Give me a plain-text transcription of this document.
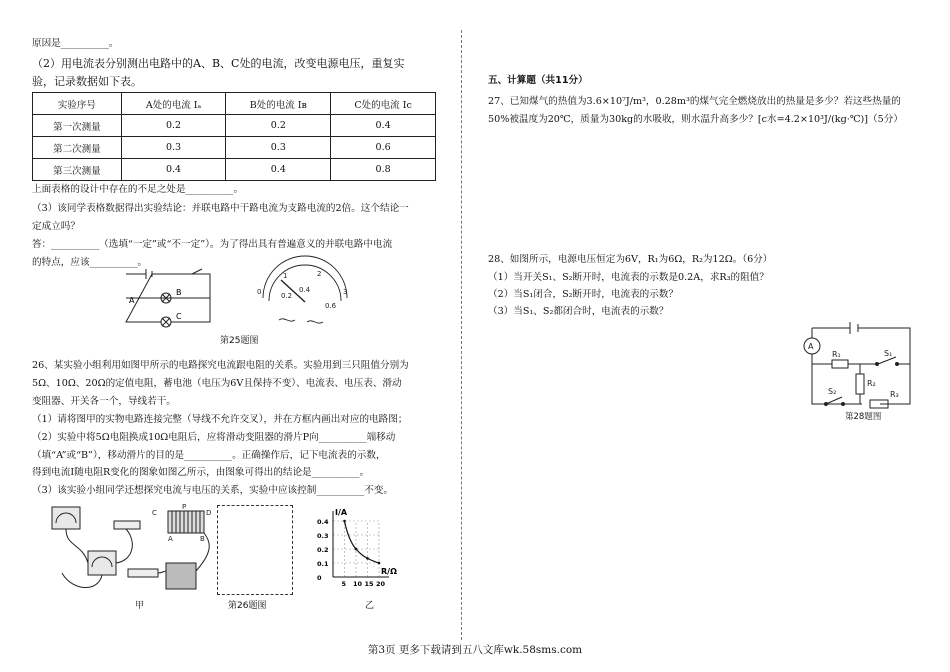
原因是__________。
（2）用电流表分别测出电路中的A、B、C处的电流，改变电源电压，重复实
验，记录数据如下表。
实验序号	A处的电流 Iₐ	B处的电流 Iʙ	C处的电流 Ic
第一次测量	0.2	0.2	0.4
第二次测量	0.3	0.3	0.6
第三次测量	0.4	0.4	0.8
上面表格的设计中存在的不足之处是__________。
（3）该同学表格数据得出实验结论：并联电路中干路电流为支路电流的2倍。这个结论一
定成立吗？
答：__________（选填“一定”或“不一定”）。为了得出具有普遍意义的并联电路中电流
的特点，应该__________。
A
B
C
0
1	2
3
0.2
0.4
0.6
第25题图
26、某实验小组利用如图甲所示的电路探究电流跟电阻的关系。实验用到三只阻值分别为
5Ω、10Ω、20Ω的定值电阻，蓄电池（电压为6V且保持不变）、电流表、电压表、滑动
变阻器、开关各一个，导线若干。
（1）请将图甲的实物电路连接完整（导线不允许交叉），并在方框内画出对应的电路图；
（2）实验中将5Ω电阻换成10Ω电阻后，应将滑动变阻器的滑片P向__________端移动
（填“A”或“B”），移动滑片的目的是__________。正确操作后，记下电流表的示数，
得到电流I随电阻R变化的图象如图乙所示，由图象可得出的结论是__________。
（3）该实验小组同学还想探究电流与电压的关系，实验中应该控制__________不变。
C	D
A	B
P
甲	第26题图
I/A
R/Ω
0.4
0.3
0.2
0.1
0
5 10 15 20
乙
五、计算题（共11分）
27、已知煤气的热值为3.6×10⁷J/m³，0.28m³的煤气完全燃烧放出的热量是多少？若这些热量的
50%被温度为20℃，质量为30kg的水吸收，则水温升高多少？[c水=4.2×10³J/(kg·℃)]（5分）
28、如图所示，电源电压恒定为6V，R₁为6Ω，R₂为12Ω。（6分）
（1）当开关S₁、S₂断开时，电流表的示数是0.2A，求R₃的阻值？
（2）当S₁闭合，S₂断开时，电流表的示数？
（3）当S₁、S₂都闭合时，电流表的示数？
A
R₁	S₁
R₂
S₂	R₃
第28题图
第3页 更多下载请到五八文库wk.58sms.com
